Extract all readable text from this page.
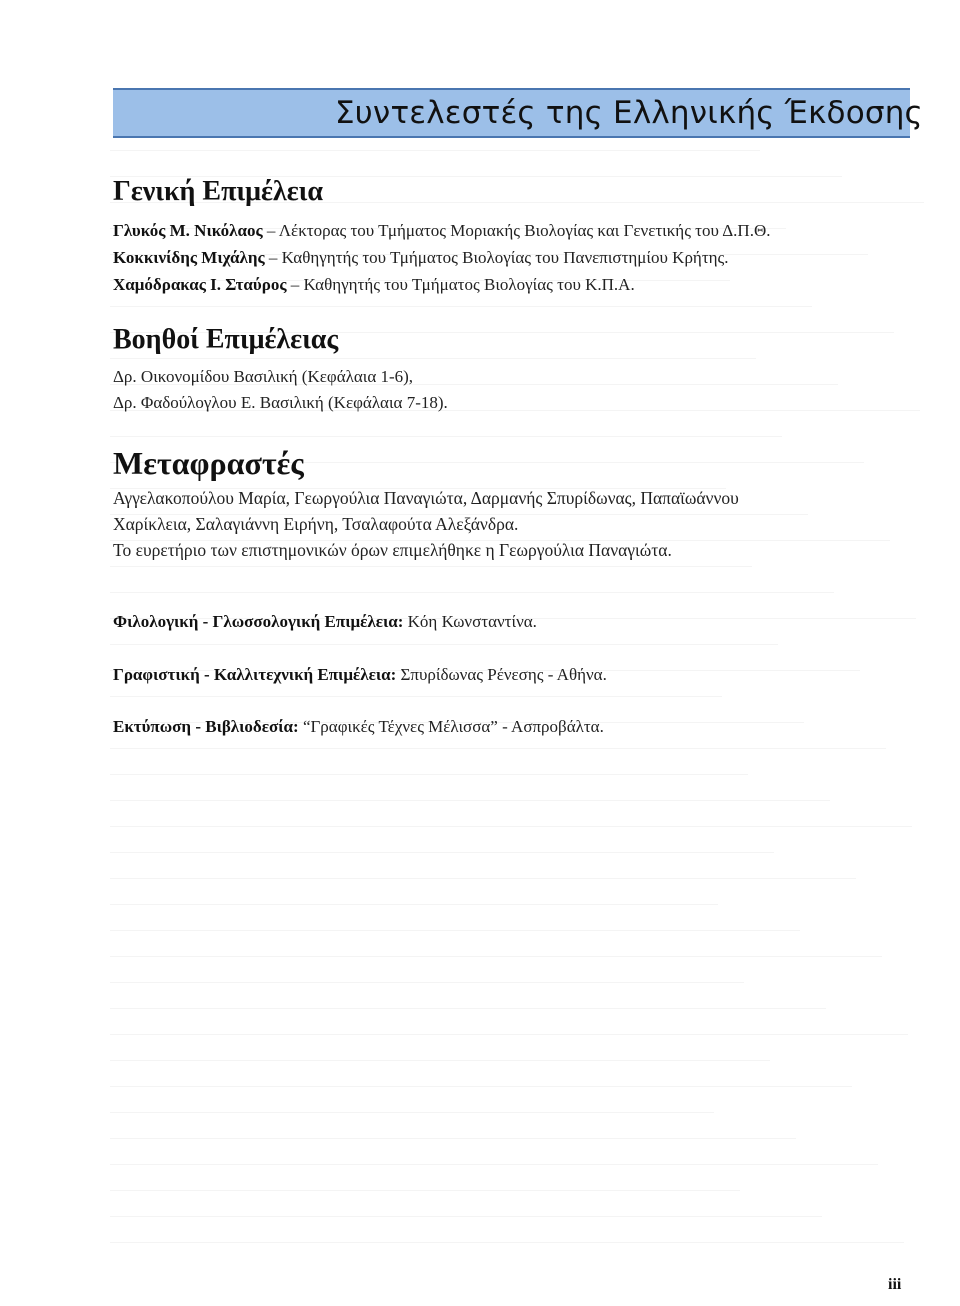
Συντελεστές της Ελληνικής Έκδοσης
Γενική Επιμέλεια
Γλυκός Μ. Νικόλαος – Λέκτορας του Τμήματος Μοριακής Βιολογίας και Γενετικής του Δ.Π.Θ.
Κοκκινίδης Μιχάλης – Καθηγητής του Τμήματος Βιολογίας του Πανεπιστημίου Κρήτης.
Χαμόδρακας Ι. Σταύρος – Καθηγητής του Τμήματος Βιολογίας του Κ.Π.Α.
Βοηθοί Επιμέλειας
Δρ. Οικονομίδου Βασιλική (Κεφάλαια 1-6),
Δρ. Φαδούλογλου Ε. Βασιλική (Κεφάλαια 7-18).
Μεταφραστές
Αγγελακοπούλου Μαρία, Γεωργούλια Παναγιώτα, Δαρμανής Σπυρίδωνας, Παπαϊωάννου
Χαρίκλεια, Σαλαγιάννη Ειρήνη, Τσαλαφούτα Αλεξάνδρα.
Το ευρετήριο των επιστημονικών όρων επιμελήθηκε η Γεωργούλια Παναγιώτα.
Φιλολογική - Γλωσσολογική Επιμέλεια: Κόη Κωνσταντίνα.
Γραφιστική - Καλλιτεχνική Επιμέλεια: Σπυρίδωνας Ρένεσης - Αθήνα.
Εκτύπωση - Βιβλιοδεσία: “Γραφικές Τέχνες Μέλισσα” - Ασπροβάλτα.
iii
